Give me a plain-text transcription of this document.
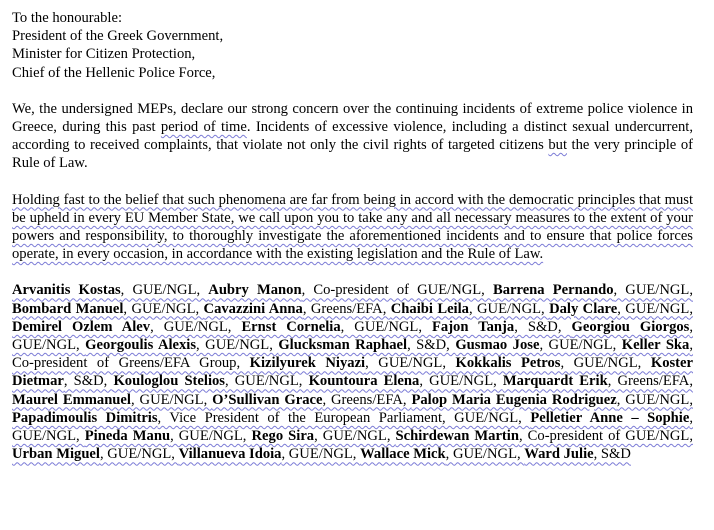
To the honourable:
President of the Greek Government,
Minister for Citizen Protection,
Chief of the Hellenic Police Force,

We, the undersigned MEPs, declare our strong concern over the continuing incidents of extreme police violence in Greece, during this past period of time. Incidents of excessive violence, including a distinct sexual undercurrent, according to received complaints, that violate not only the civil rights of targeted citizens but the very principle of Rule of Law.

Holding fast to the belief that such phenomena are far from being in accord with the democratic principles that must be upheld in every EU Member State, we call upon you to take any and all necessary measures to the extent of your powers and responsibility, to thoroughly investigate the aforementioned incidents and to ensure that police forces operate, in every occasion, in accordance with the existing legislation and the Rule of Law.

Arvanitis Kostas, GUE/NGL, Aubry Manon, Co-president of GUE/NGL, Barrena Pernando, GUE/NGL, Bombard Manuel, GUE/NGL, Cavazzini Anna, Greens/EFA, Chaibi Leila, GUE/NGL, Daly Clare, GUE/NGL, Demirel Ozlem Alev, GUE/NGL, Ernst Cornelia, GUE/NGL, Fajon Tanja, S&D, Georgiou Giorgos, GUE/NGL, Georgoulis Alexis, GUE/NGL, Glucksman Raphael, S&D, Gusmao Jose, GUE/NGL, Keller Ska, Co-president of Greens/EFA Group, Kizilyurek Niyazi, GUE/NGL, Kokkalis Petros, GUE/NGL, Koster Dietmar, S&D, Kouloglou Stelios, GUE/NGL, Kountoura Elena, GUE/NGL, Marquardt Erik, Greens/EFA, Maurel Emmanuel, GUE/NGL, O’Sullivan Grace, Greens/EFA, Palop Maria Eugenia Rodriguez, GUE/NGL, Papadimoulis Dimitris, Vice President of the European Parliament, GUE/NGL, Pelletier Anne – Sophie, GUE/NGL, Pineda Manu, GUE/NGL, Rego Sira, GUE/NGL, Schirdewan Martin, Co-president of GUE/NGL, Urban Miguel, GUE/NGL, Villanueva Idoia, GUE/NGL, Wallace Mick, GUE/NGL, Ward Julie, S&D
